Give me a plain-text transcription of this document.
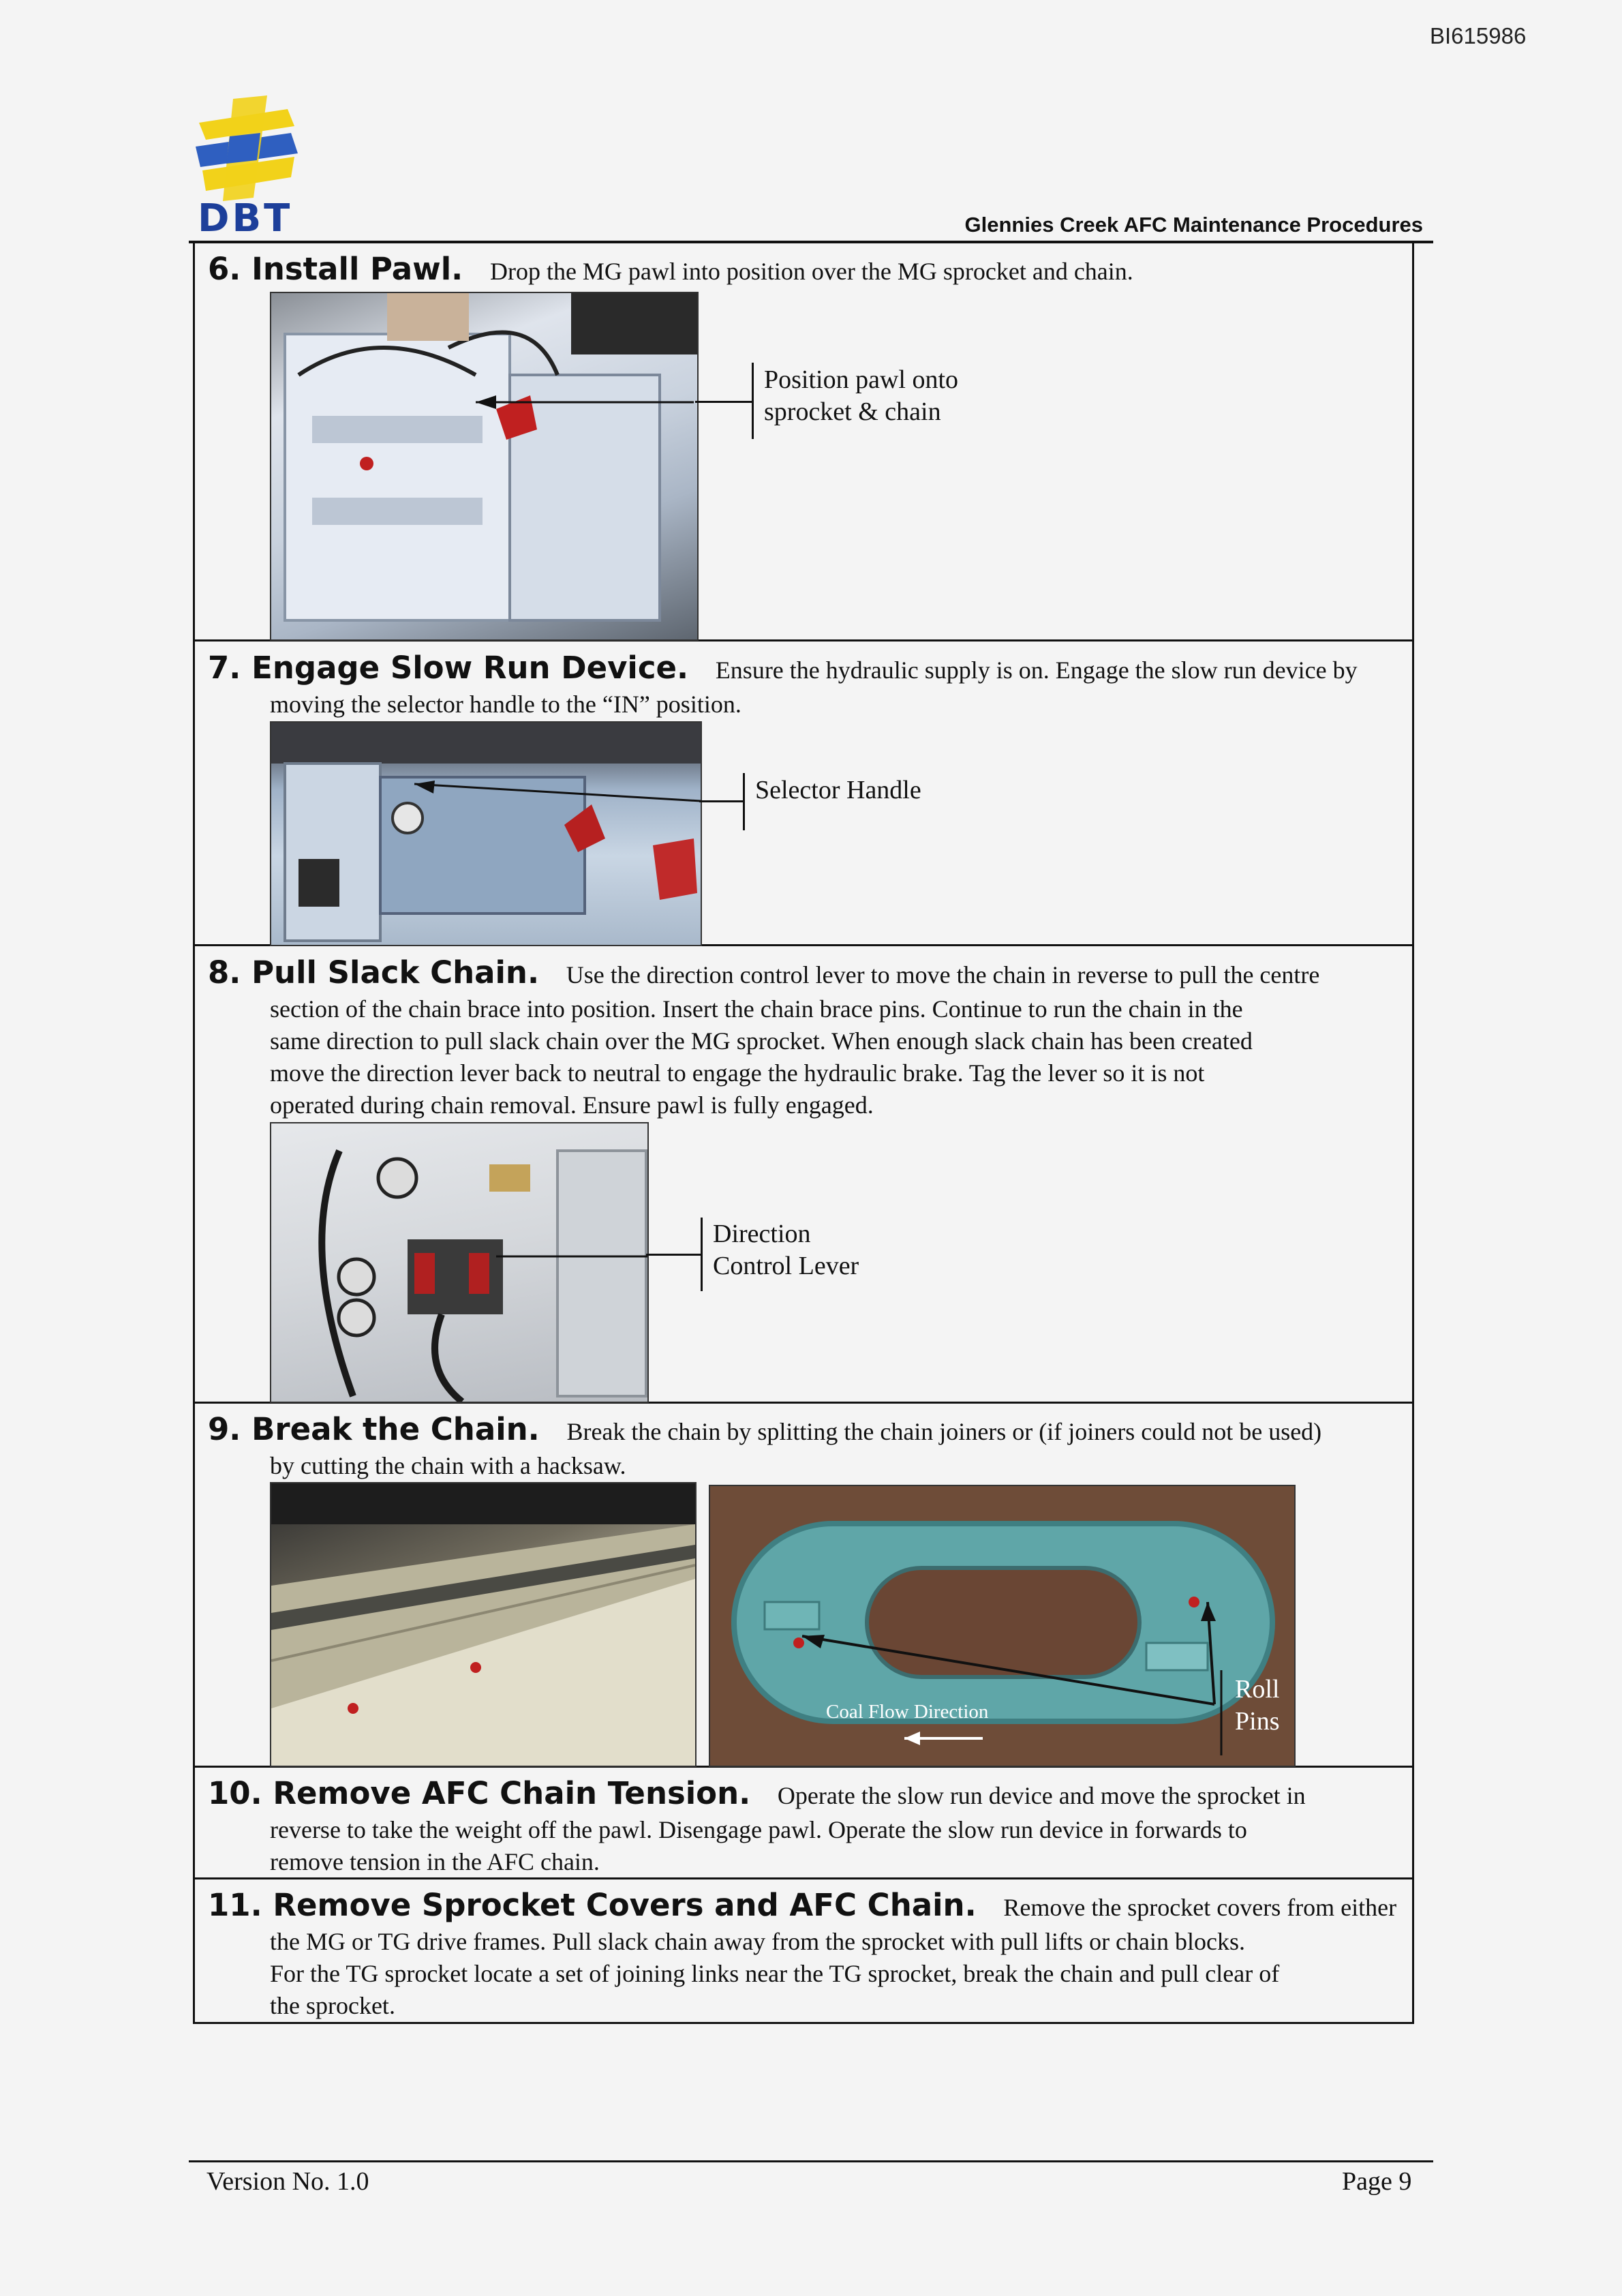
BI615986
DBT	Glennies Creek AFC Maintenance Procedures
6. Install Pawl. Drop the MG pawl into position over the MG sprocket and chain.
Position pawl onto
sprocket & chain
7. Engage Slow Run Device. Ensure the hydraulic supply is on. Engage the slow run device by
moving the selector handle to the “IN” position.
Selector Handle
8. Pull Slack Chain. Use the direction control lever to move the chain in reverse to pull the centre
section of the chain brace into position. Insert the chain brace pins. Continue to run the chain in the
same direction to pull slack chain over the MG sprocket. When enough slack chain has been created
move the direction lever back to neutral to engage the hydraulic brake. Tag the lever so it is not
operated during chain removal. Ensure pawl is fully engaged.
Direction
Control Lever
9. Break the Chain. Break the chain by splitting the chain joiners or (if joiners could not be used)
by cutting the chain with a hacksaw.
Coal Flow Direction
Roll
Pins
10. Remove AFC Chain Tension. Operate the slow run device and move the sprocket in
reverse to take the weight off the pawl. Disengage pawl. Operate the slow run device in forwards to
remove tension in the AFC chain.
11. Remove Sprocket Covers and AFC Chain. Remove the sprocket covers from either
the MG or TG drive frames. Pull slack chain away from the sprocket with pull lifts or chain blocks.
For the TG sprocket locate a set of joining links near the TG sprocket, break the chain and pull clear of
the sprocket.
Version No. 1.0	Page 9
